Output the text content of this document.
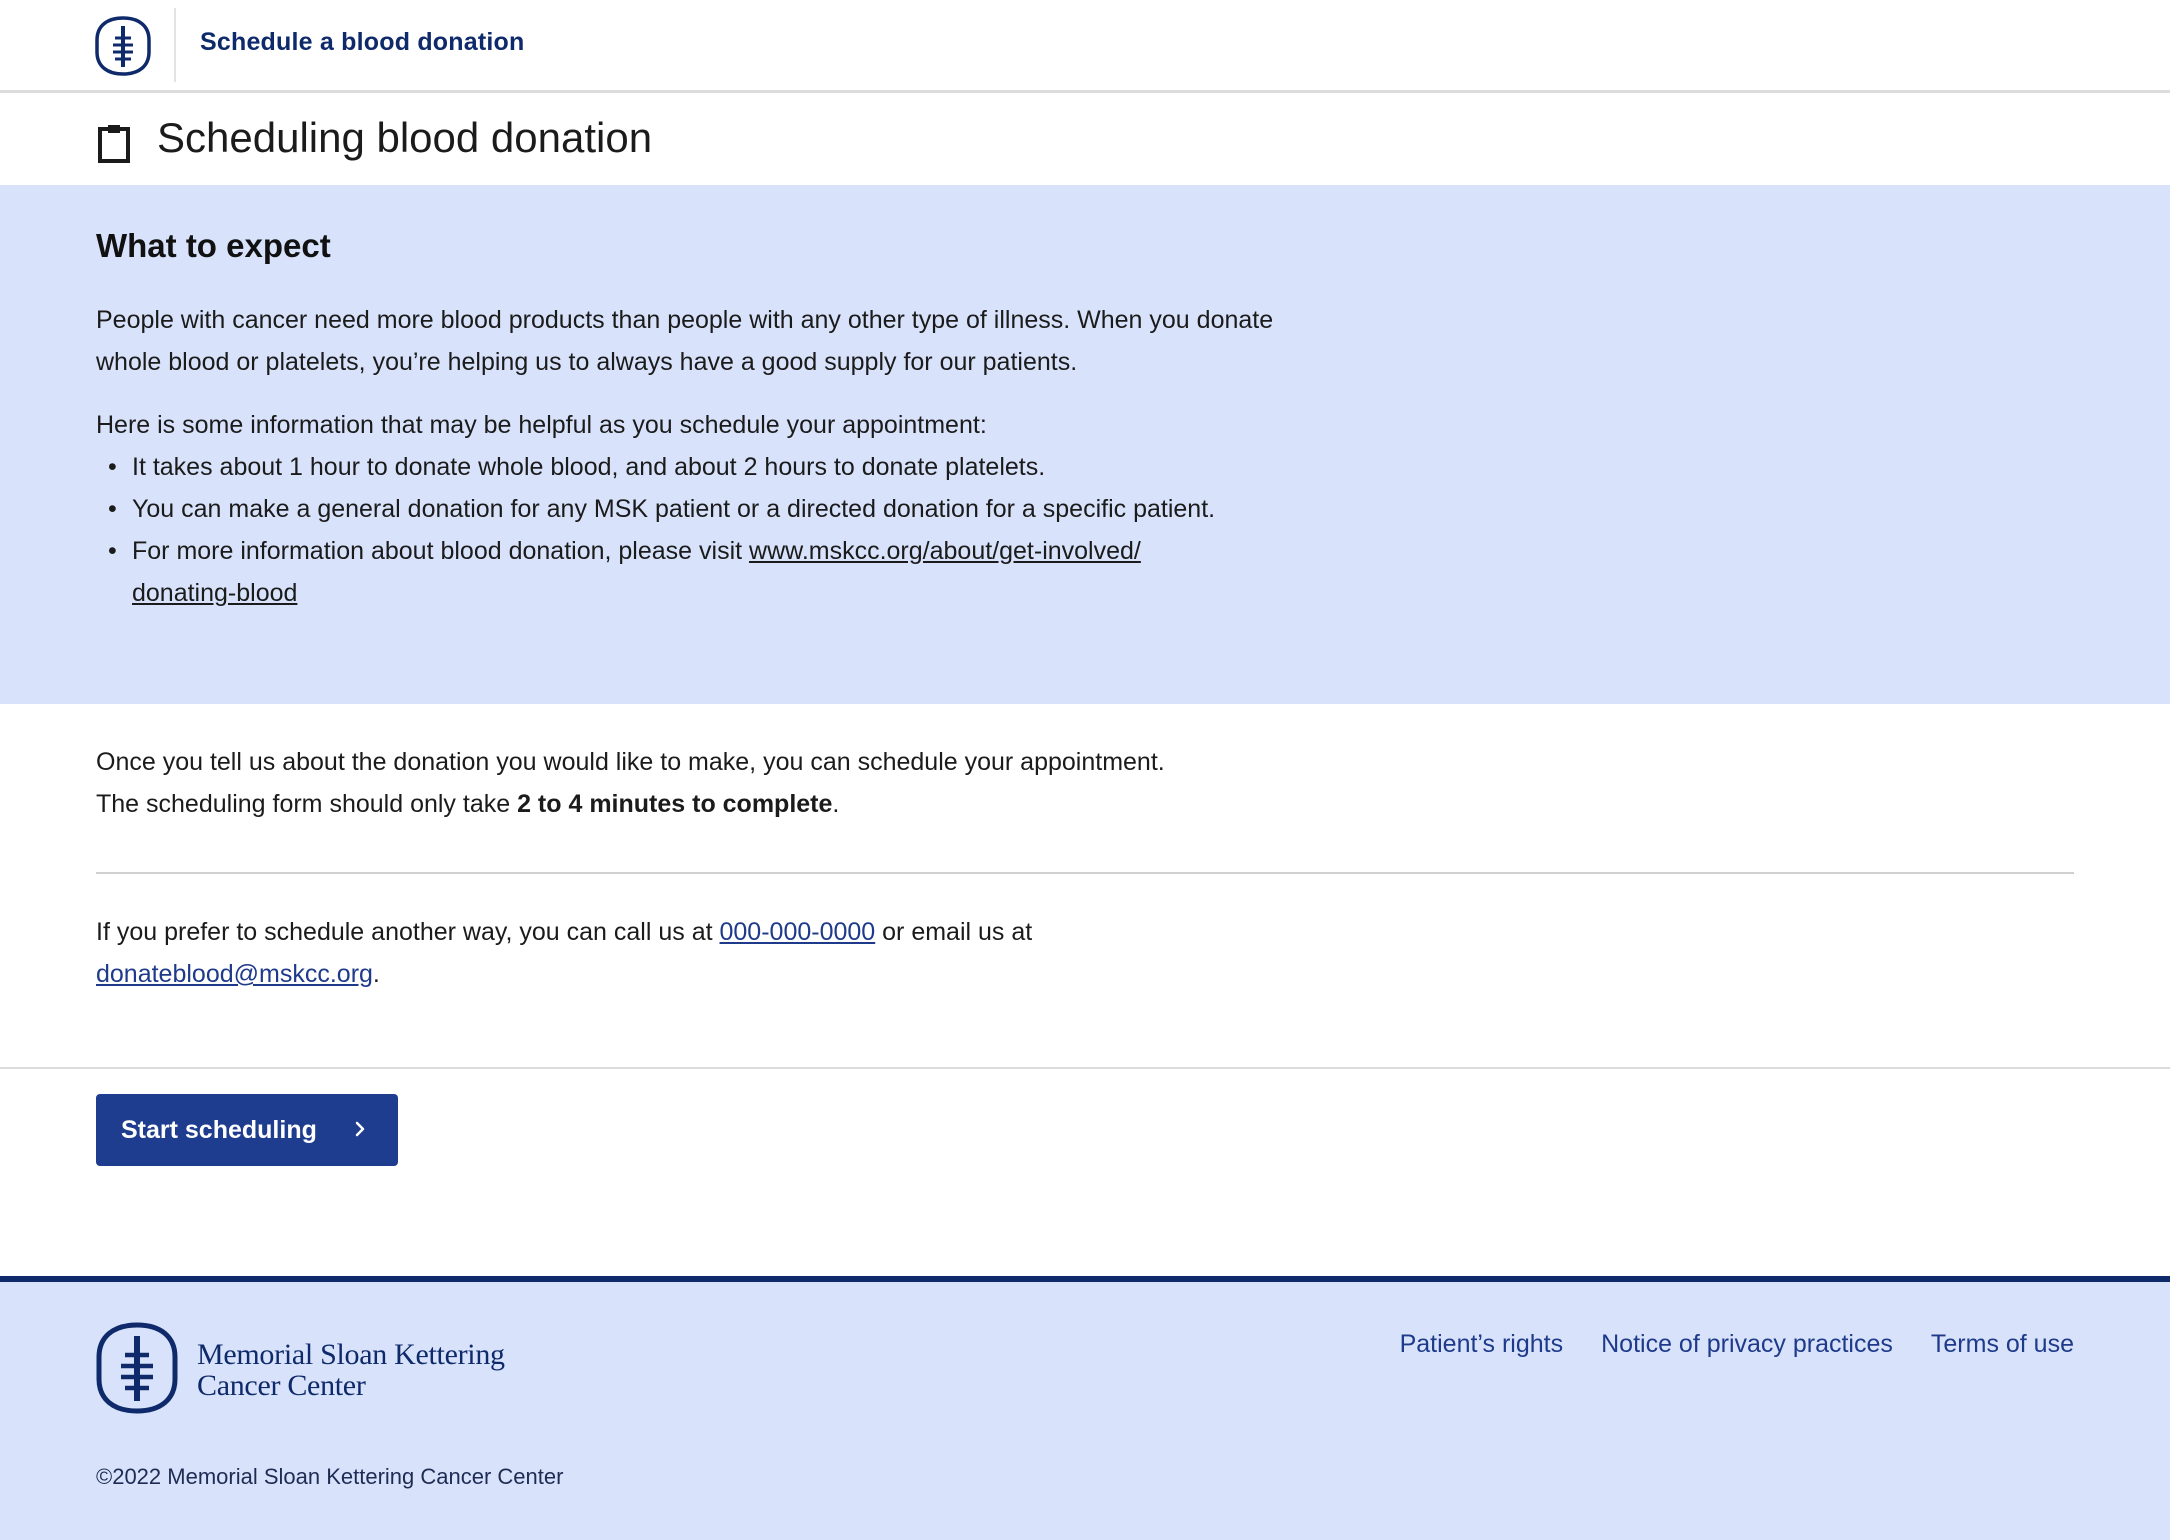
Schedule a blood donation
Scheduling blood donation
What to expect

People with cancer need more blood products than people with any other type of illness. When you donate whole blood or platelets, you’re helping us to always have a good supply for our patients.

Here is some information that may be helpful as you schedule your appointment:

• It takes about 1 hour to donate whole blood, and about 2 hours to donate platelets.
• You can make a general donation for any MSK patient or a directed donation for a specific patient.
• For more information about blood donation, please visit www.mskcc.org/about/get-involved/
donating-blood
Once you tell us about the donation you would like to make, you can schedule your appointment.
The scheduling form should only take 2 to 4 minutes to complete.
If you prefer to schedule another way, you can call us at 000-000-0000 or email us at
donateblood@mskcc.org.
Start scheduling
Memorial Sloan Kettering
Cancer Center
Patient’s rights Notice of privacy practices Terms of use
©2022 Memorial Sloan Kettering Cancer Center
